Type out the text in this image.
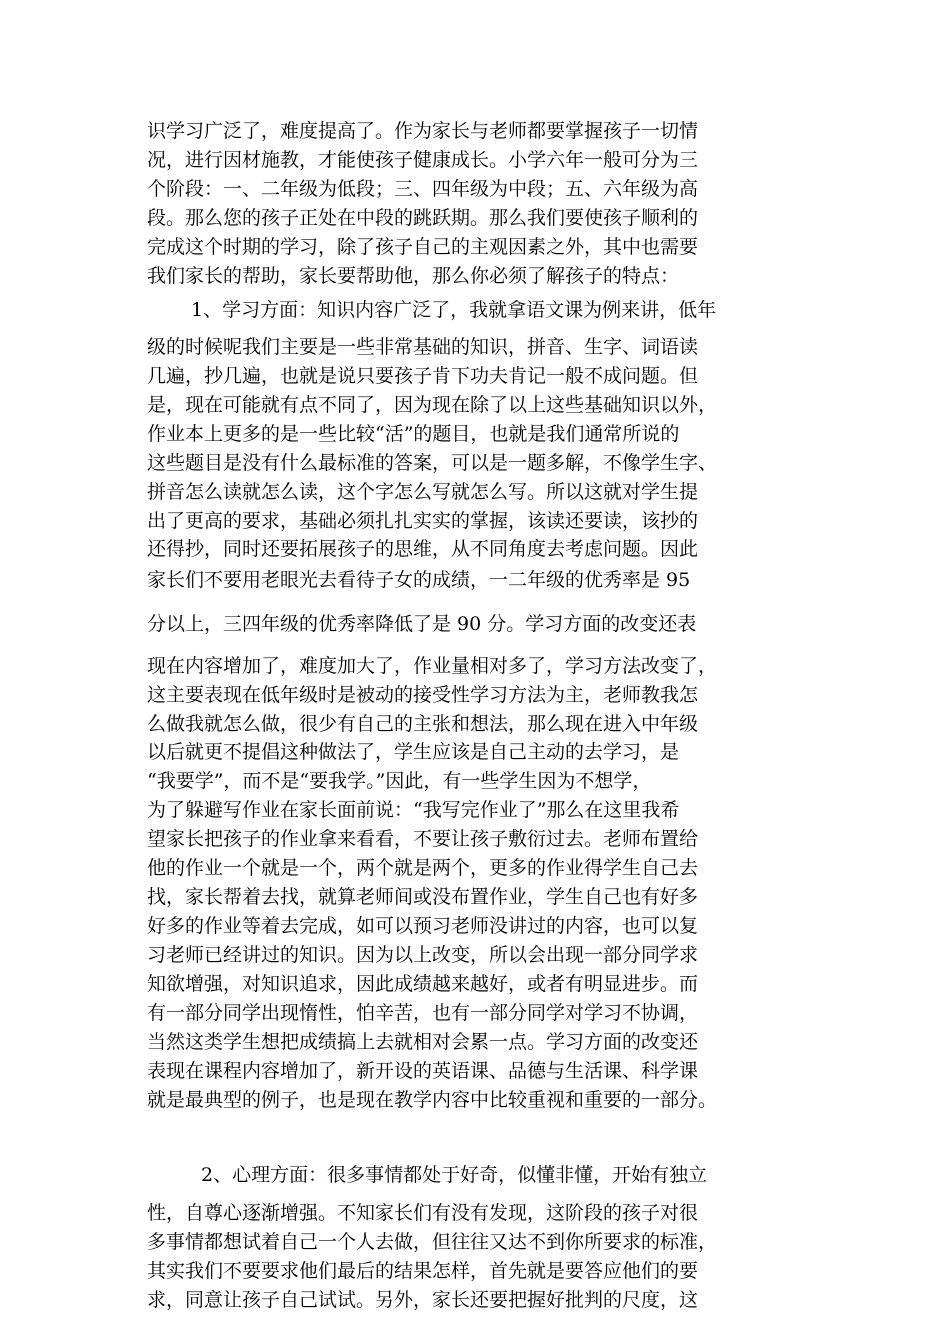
识学习广泛了，难度提高了。作为家长与老师都要掌握孩子一切情
况，进行因材施教，才能使孩子健康成长。小学六年一般可分为三
个阶段：一、二年级为低段；三、四年级为中段；五、六年级为高
段。那么您的孩子正处在中段的跳跃期。那么我们要使孩子顺利的
完成这个时期的学习，除了孩子自己的主观因素之外，其中也需要
我们家长的帮助，家长要帮助他，那么你必须了解孩子的特点：
1、学习方面：知识内容广泛了，我就拿语文课为例来讲，低年
级的时候呢我们主要是一些非常基础的知识，拼音、生字、词语读
几遍，抄几遍，也就是说只要孩子肯下功夫肯记一般不成问题。但
是，现在可能就有点不同了，因为现在除了以上这些基础知识以外，
作业本上更多的是一些比较“活”的题目，也就是我们通常所说的
这些题目是没有什么最标准的答案，可以是一题多解，不像学生字、
拼音怎么读就怎么读，这个字怎么写就怎么写。所以这就对学生提
出了更高的要求，基础必须扎扎实实的掌握，该读还要读，该抄的
还得抄，同时还要拓展孩子的思维，从不同角度去考虑问题。因此
家长们不要用老眼光去看待子女的成绩，一二年级的优秀率是 95
分以上，三四年级的优秀率降低了是 90 分。学习方面的改变还表
现在内容增加了，难度加大了，作业量相对多了，学习方法改变了，
这主要表现在低年级时是被动的接受性学习方法为主，老师教我怎
么做我就怎么做，很少有自己的主张和想法，那么现在进入中年级
以后就更不提倡这种做法了，学生应该是自己主动的去学习，是
“我要学”，而不是“要我学。”因此，有一些学生因为不想学，
为了躲避写作业在家长面前说：“我写完作业了”那么在这里我希
望家长把孩子的作业拿来看看，不要让孩子敷衍过去。老师布置给
他的作业一个就是一个，两个就是两个，更多的作业得学生自己去
找，家长帮着去找，就算老师间或没布置作业，学生自己也有好多
好多的作业等着去完成，如可以预习老师没讲过的内容，也可以复
习老师已经讲过的知识。因为以上改变，所以会出现一部分同学求
知欲增强，对知识追求，因此成绩越来越好，或者有明显进步。而
有一部分同学出现惰性，怕辛苦，也有一部分同学对学习不协调，
当然这类学生想把成绩搞上去就相对会累一点。学习方面的改变还
表现在课程内容增加了，新开设的英语课、品德与生活课、科学课
就是最典型的例子，也是现在教学内容中比较重视和重要的一部分。
2、心理方面：很多事情都处于好奇，似懂非懂，开始有独立
性，自尊心逐渐增强。不知家长们有没有发现，这阶段的孩子对很
多事情都想试着自己一个人去做，但往往又达不到你所要求的标准，
其实我们不要要求他们最后的结果怎样，首先就是要答应他们的要
求，同意让孩子自己试试。另外，家长还要把握好批判的尺度，这
